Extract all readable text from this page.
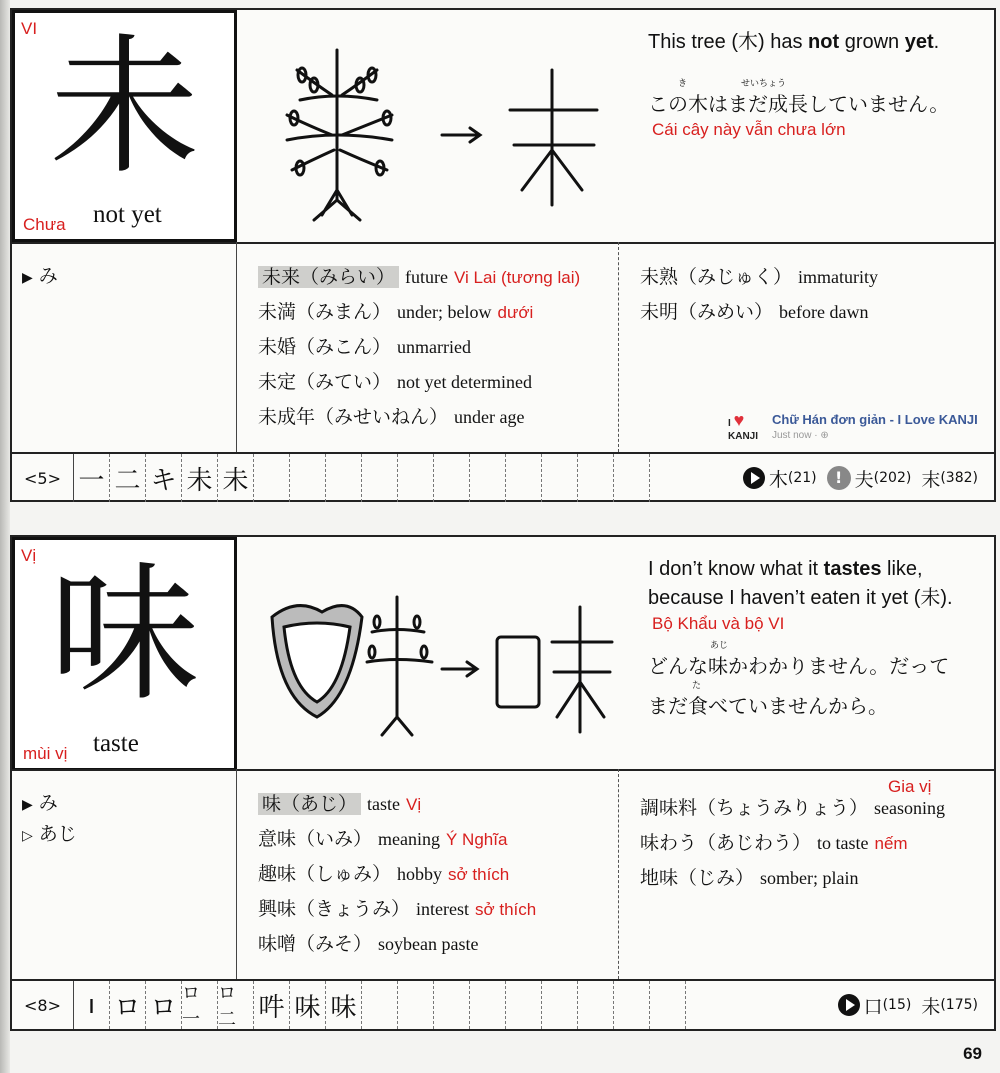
VI 未
not yet
Chưa
This tree (木) has not grown yet.
き　　　　　　せいちょう
この木はまだ成長していません。
Cái cây này vẫn chưa lớn
▶ み	未来（みらい） future Vi Lai (tương lai)
未満（みまん） under; below dưới
未婚（みこん） unmarried
未定（みてい） not yet determined
未成年（みせいねん） under age
未熟（みじゅく） immaturity
未明（みめい） before dawn
I ♥
KANJI
Chữ Hán đơn giản - I Love KANJI
Just now · ⊕
<5> 一 二 キ 未 未	木 (21)	! 夫 (202) 末 (382)
Vị 味
taste
mùi vị
I don’t know what it tastes like, because I haven’t eaten it yet (未).
Bộ Khẩu và bộ VI
あじ
どんな味かわかりません。だって
た
まだ食べていませんから。
▶ み
▷ あじ
味（あじ） taste Vị
意味（いみ） meaning Ý Nghĩa
趣味（しゅみ） hobby sở thích
興味（きょうみ） interest sở thích
味噌（みそ） soybean paste
Gia vị
調味料（ちょうみりょう） seasoning
味わう（あじわう） to taste nếm
地味（じみ） somber; plain
<8>	ı ロ ロ ロ一
ロ二 吽 味 味	口 (15) 未 (175)
69
